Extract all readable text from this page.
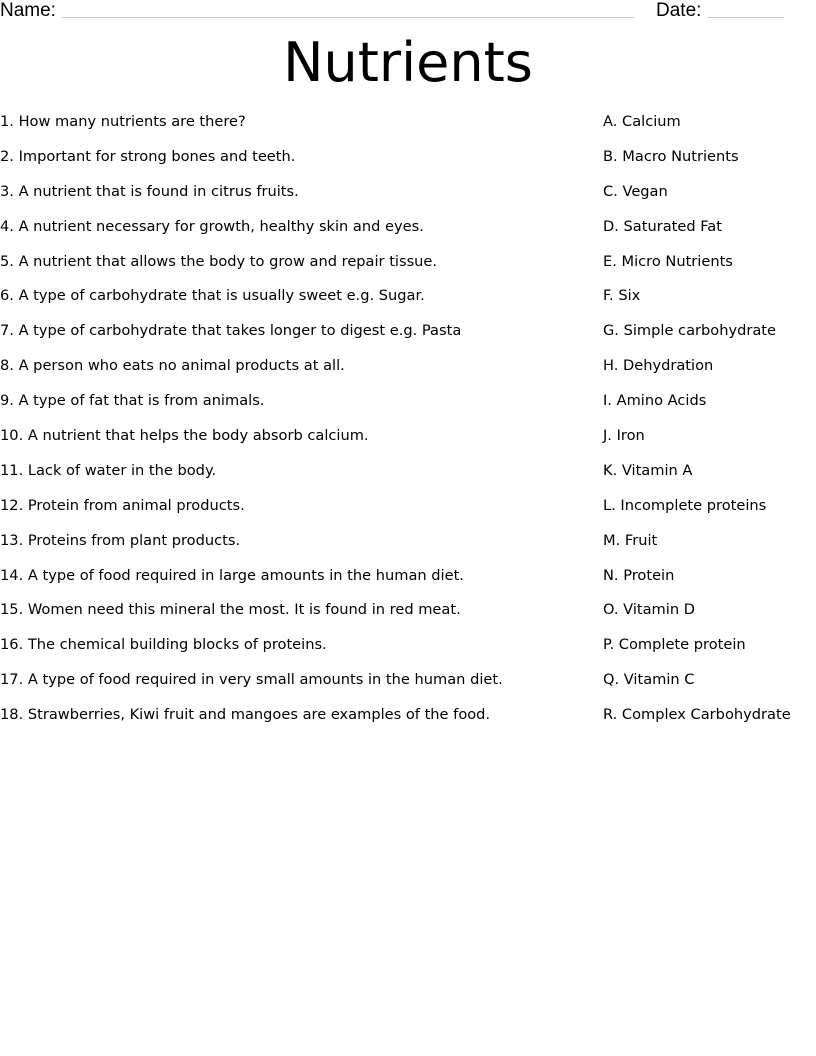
Name:	Date:
Nutrients
1. How many nutrients are there?
2. Important for strong bones and teeth.
3. A nutrient that is found in citrus fruits.
4. A nutrient necessary for growth, healthy skin and eyes.
5. A nutrient that allows the body to grow and repair tissue.
6. A type of carbohydrate that is usually sweet e.g. Sugar.
7. A type of carbohydrate that takes longer to digest e.g. Pasta
8. A person who eats no animal products at all.
9. A type of fat that is from animals.
10. A nutrient that helps the body absorb calcium.
11. Lack of water in the body.
12. Protein from animal products.
13. Proteins from plant products.
14. A type of food required in large amounts in the human diet.
15. Women need this mineral the most. It is found in red meat.
16. The chemical building blocks of proteins.
17. A type of food required in very small amounts in the human diet.
18. Strawberries, Kiwi fruit and mangoes are examples of the food.
A. Calcium
B. Macro Nutrients
C. Vegan
D. Saturated Fat
E. Micro Nutrients
F. Six
G. Simple carbohydrate
H. Dehydration
I. Amino Acids
J. Iron
K. Vitamin A
L. Incomplete proteins
M. Fruit
N. Protein
O. Vitamin D
P. Complete protein
Q. Vitamin C
R. Complex Carbohydrate
